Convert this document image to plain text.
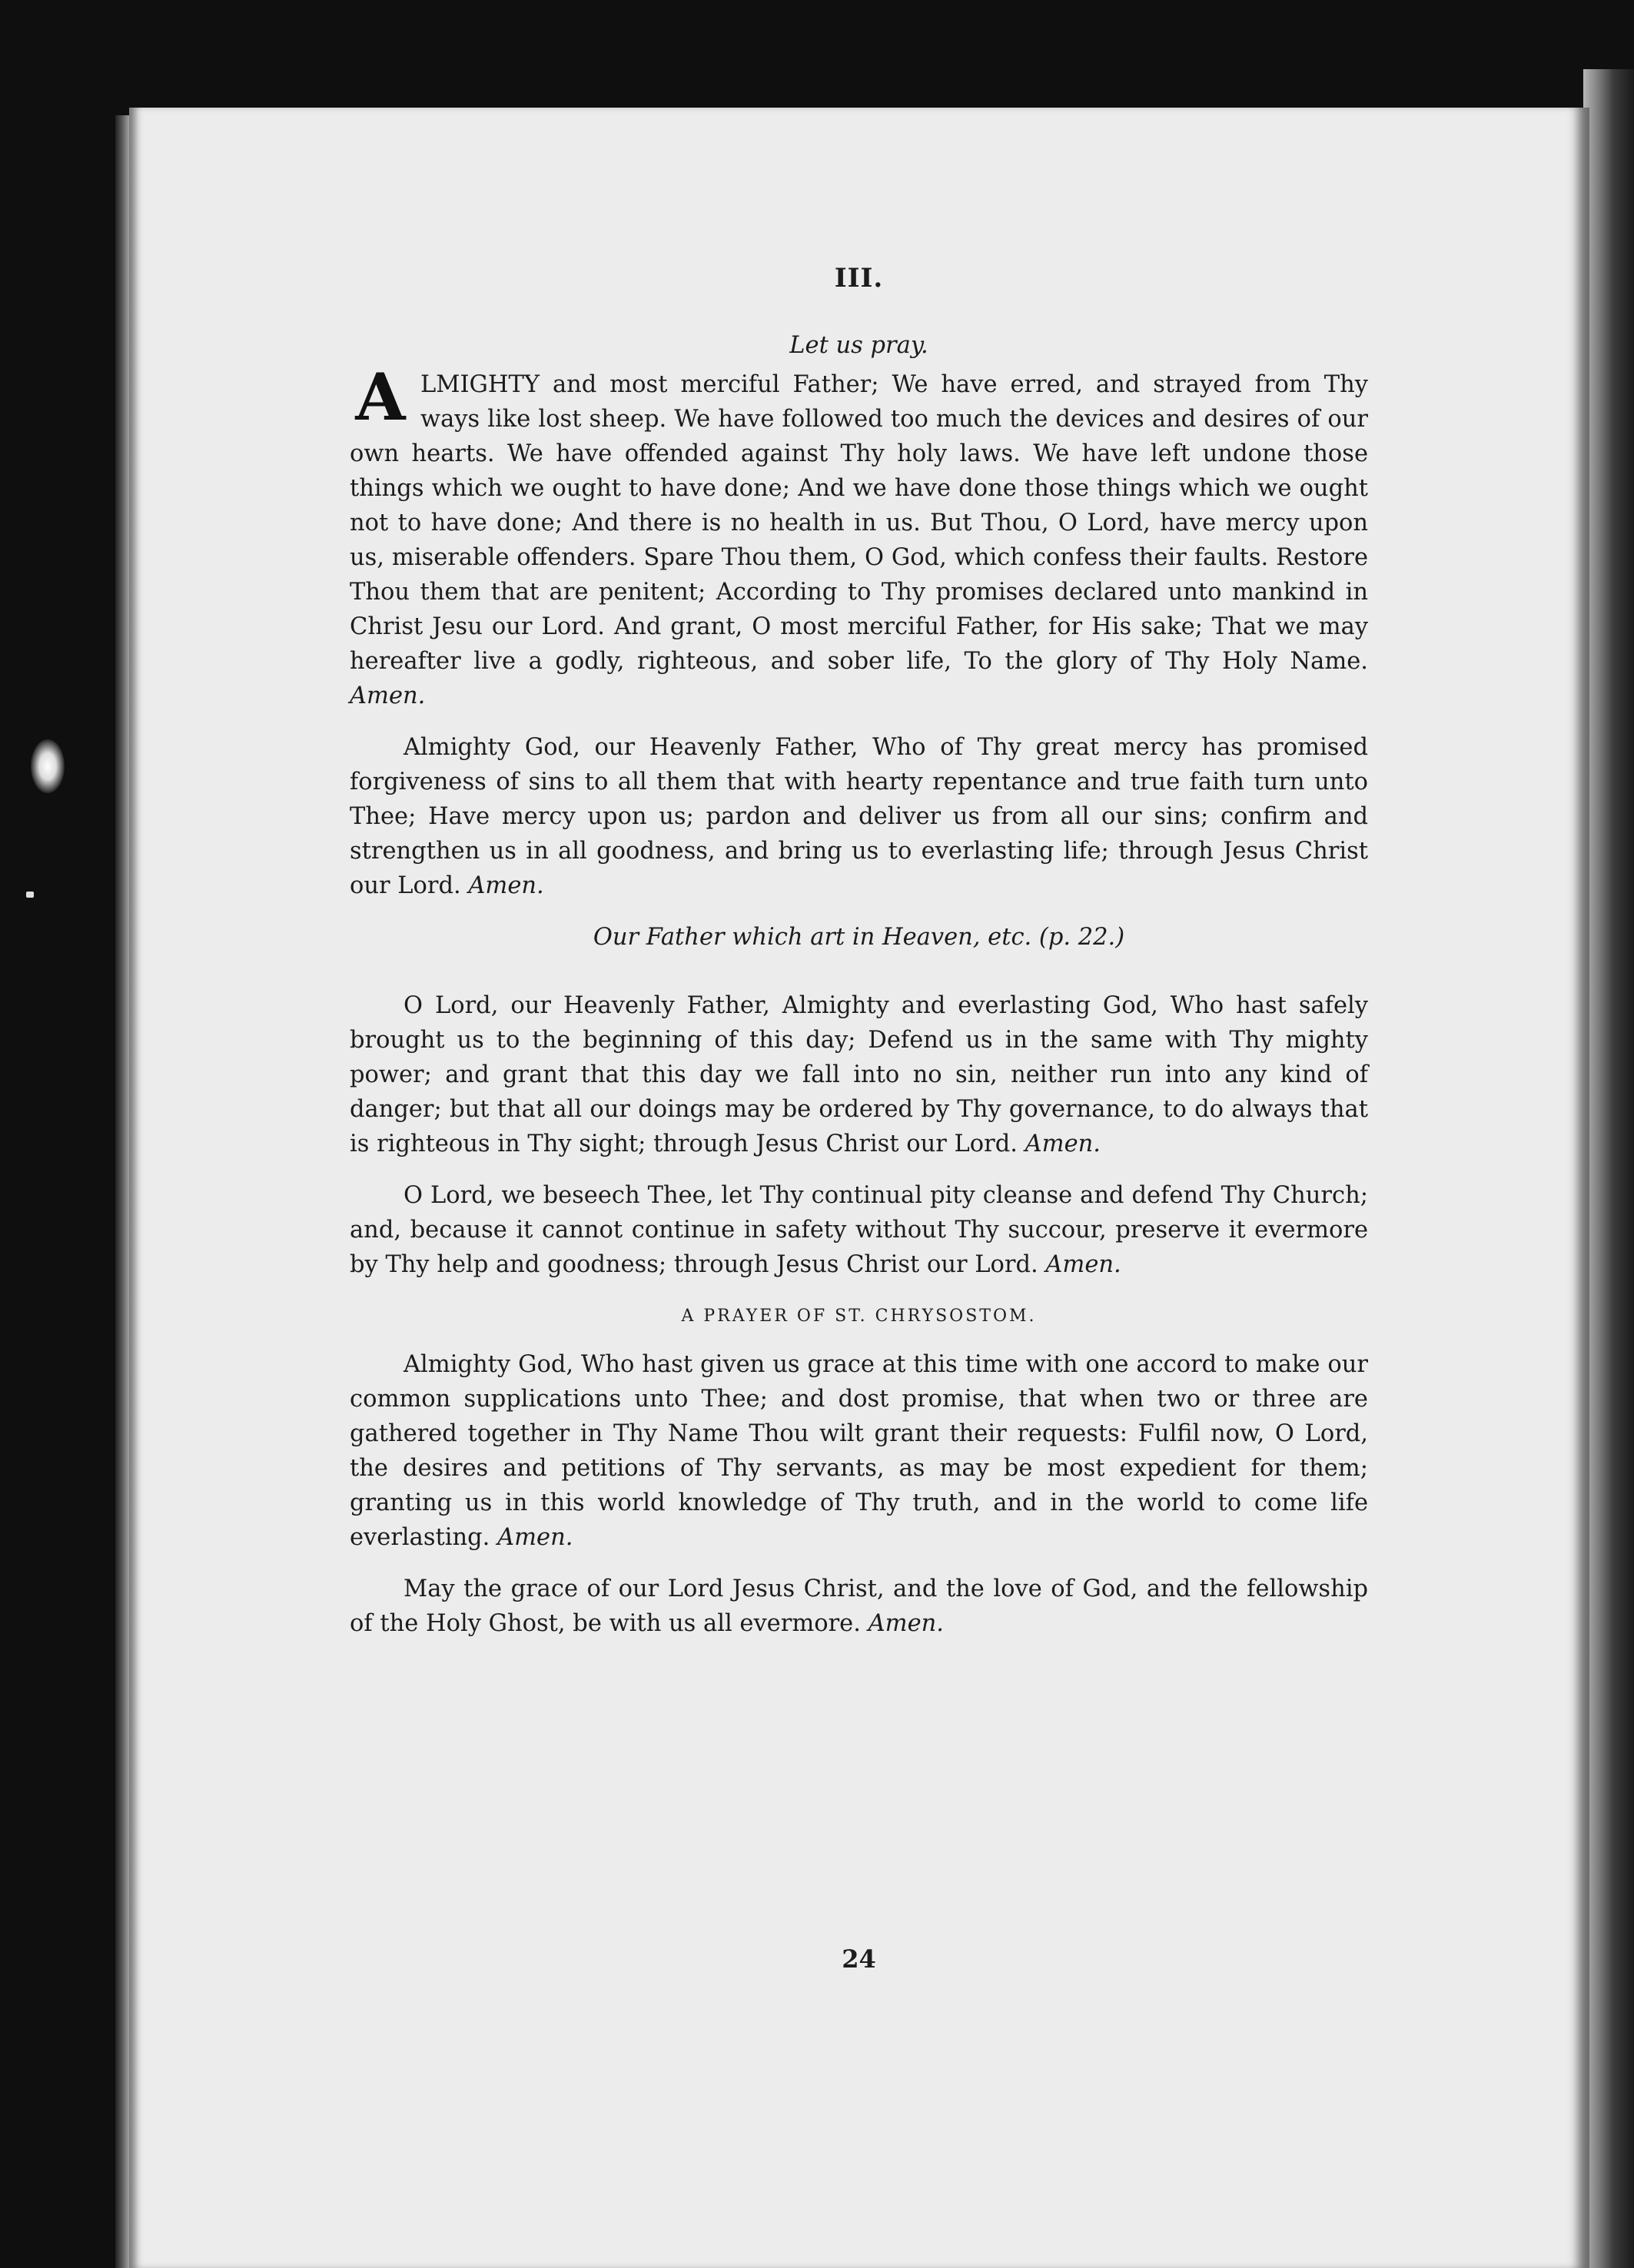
III.

Let us pray.

ALMIGHTY and most merciful Father; We have erred, and strayed from Thy ways like lost sheep. We have followed too much the devices and desires of our own hearts. We have offended against Thy holy laws. We have left undone those things which we ought to have done; And we have done those things which we ought not to have done; And there is no health in us. But Thou, O Lord, have mercy upon us, miserable offenders. Spare Thou them, O God, which confess their faults. Restore Thou them that are penitent; According to Thy promises declared unto mankind in Christ Jesu our Lord. And grant, O most merciful Father, for His sake; That we may hereafter live a godly, righteous, and sober life, To the glory of Thy Holy Name. Amen.

Almighty God, our Heavenly Father, Who of Thy great mercy has promised forgiveness of sins to all them that with hearty repentance and true faith turn unto Thee; Have mercy upon us; pardon and deliver us from all our sins; confirm and strengthen us in all goodness, and bring us to everlasting life; through Jesus Christ our Lord. Amen.

Our Father which art in Heaven, etc. (p. 22.)

O Lord, our Heavenly Father, Almighty and everlasting God, Who hast safely brought us to the beginning of this day; Defend us in the same with Thy mighty power; and grant that this day we fall into no sin, neither run into any kind of danger; but that all our doings may be ordered by Thy governance, to do always that is righteous in Thy sight; through Jesus Christ our Lord. Amen.

O Lord, we beseech Thee, let Thy continual pity cleanse and defend Thy Church; and, because it cannot continue in safety without Thy succour, preserve it evermore by Thy help and goodness; through Jesus Christ our Lord. Amen.

A PRAYER OF ST. CHRYSOSTOM.

Almighty God, Who hast given us grace at this time with one accord to make our common supplications unto Thee; and dost promise, that when two or three are gathered together in Thy Name Thou wilt grant their requests: Fulfil now, O Lord, the desires and petitions of Thy servants, as may be most expedient for them; granting us in this world knowledge of Thy truth, and in the world to come life everlasting. Amen.

May the grace of our Lord Jesus Christ, and the love of God, and the fellowship of the Holy Ghost, be with us all evermore. Amen.

24
